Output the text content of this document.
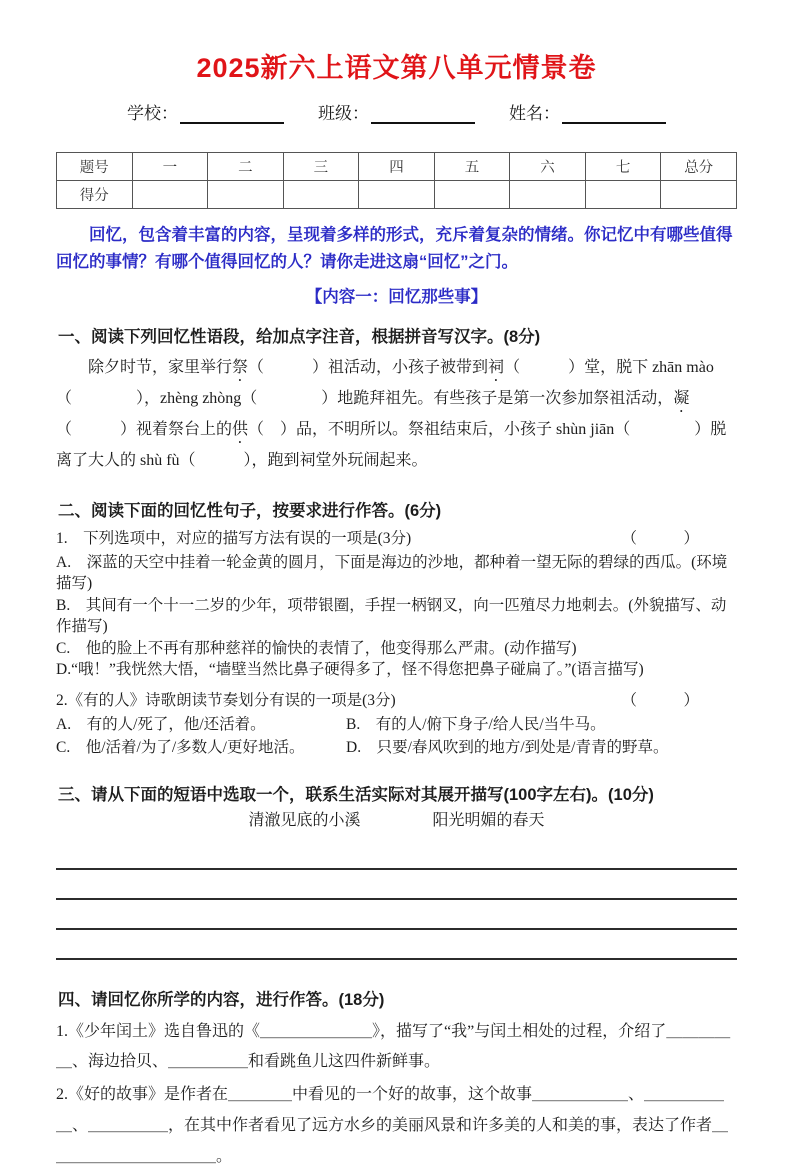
2025新六上语文第八单元情景卷
学校：	班级：	姓名：
题号	一	二	三	四	五	六	七	总分
得分								
回忆，包含着丰富的内容，呈现着多样的形式，充斥着复杂的情绪。你记忆中有哪些值得回忆的事情？有哪个值得回忆的人？请你走进这扇“回忆”之门。
【内容一：回忆那些事】
一、阅读下列回忆性语段，给加点字注音，根据拼音写汉字。(8分)
除夕时节，家里举行祭（　　　）祖活动，小孩子被带到祠（　　　）堂，脱下 zhān mào（　　　　），zhèng zhòng（　　　　）地跪拜祖先。有些孩子是第一次参加祭祖活动，凝（　　　）视着祭台上的供（　）品，不明所以。祭祖结束后，小孩子 shùn jiān（　　　　）脱离了大人的 shù fù（　　　），跑到祠堂外玩闹起来。
二、阅读下面的回忆性句子，按要求进行作答。(6分)
1.　下列选项中，对应的描写方法有误的一项是(3分)	（　　　）
A.　深蓝的天空中挂着一轮金黄的圆月，下面是海边的沙地，都种着一望无际的碧绿的西瓜。(环境描写)
B.　其间有一个十一二岁的少年，项带银圈，手捏一柄钢叉，向一匹殖尽力地刺去。(外貌描写、动作描写)
C.　他的脸上不再有那种慈祥的愉快的表情了，他变得那么严肃。(动作描写)
D.“哦！”我恍然大悟，“墙壁当然比鼻子硬得多了，怪不得您把鼻子碰扁了。”(语言描写)
2.《有的人》诗歌朗读节奏划分有误的一项是(3分)	（　　　）
A.　有的人/死了，他/还活着。	B.　有的人/俯下身子/给人民/当牛马。
C.　他/活着/为了/多数人/更好地活。	D.　只要/春风吹到的地方/到处是/青青的野草。
三、请从下面的短语中选取一个，联系生活实际对其展开描写(100字左右)。(10分)
清澈见底的小溪	阳光明媚的春天
四、请回忆你所学的内容，进行作答。(18分)
1.《少年闰土》选自鲁迅的《＿＿＿＿＿＿＿》，描写了“我”与闰土相处的过程，介绍了＿＿＿＿＿、海边拾贝、＿＿＿＿＿和看跳鱼儿这四件新鲜事。
2.《好的故事》是作者在＿＿＿＿中看见的一个好的故事，这个故事＿＿＿＿＿＿、＿＿＿＿＿＿、＿＿＿＿＿，在其中作者看见了远方水乡的美丽风景和许多美的人和美的事，表达了作者＿＿＿＿＿＿＿＿＿＿＿。
